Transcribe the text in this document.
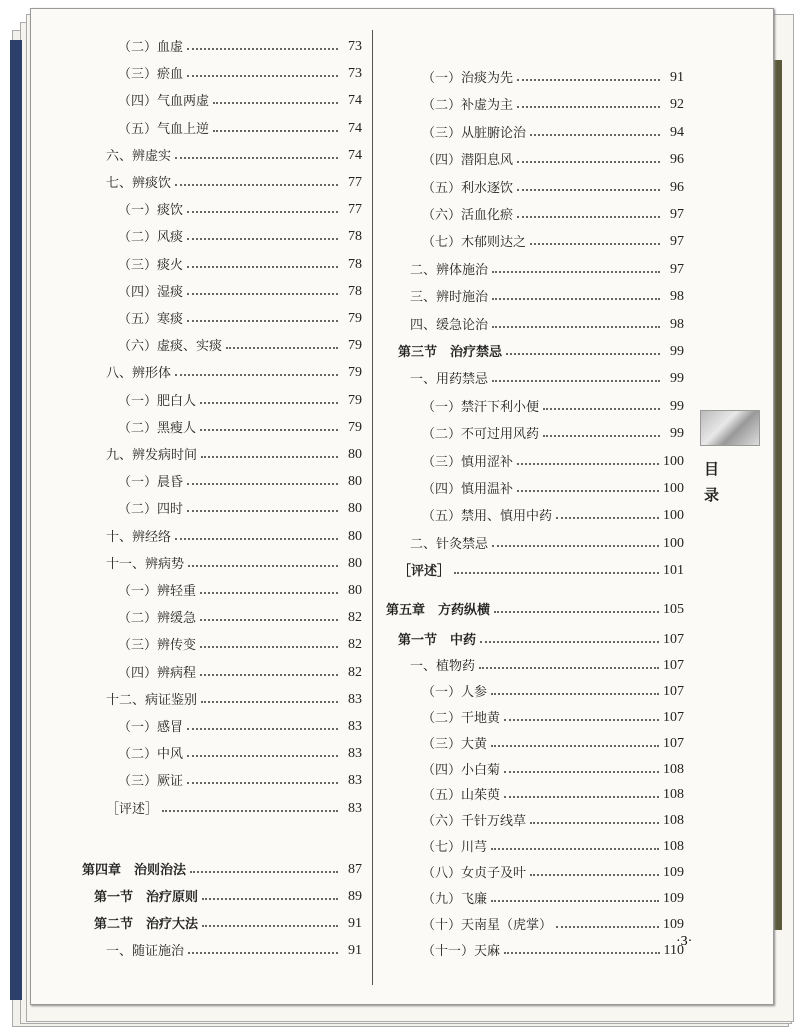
（二）血虚	73
（三）瘀血	73
（四）气血两虚	74
（五）气血上逆	74
六、辨虚实	74
七、辨痰饮	77
（一）痰饮	77
（二）风痰	78
（三）痰火	78
（四）湿痰	78
（五）寒痰	79
（六）虚痰、实痰	79
八、辨形体	79
（一）肥白人	79
（二）黑瘦人	79
九、辨发病时间	80
（一）晨昏	80
（二）四时	80
十、辨经络	80
十一、辨病势	80
（一）辨轻重	80
（二）辨缓急	82
（三）辨传变	82
（四）辨病程	82
十二、病证鉴别	83
（一）感冒	83
（二）中风	83
（三）厥证	83
［评述］	83
第四章　治则治法	87
第一节　治疗原则	89
第二节　治疗大法	91
一、随证施治	91
（一）治痰为先	91
（二）补虚为主	92
（三）从脏腑论治	94
（四）潜阳息风	96
（五）利水逐饮	96
（六）活血化瘀	97
（七）木郁则达之	97
二、辨体施治	97
三、辨时施治	98
四、缓急论治	98
第三节　治疗禁忌	99
一、用药禁忌	99
（一）禁汗下利小便	99
（二）不可过用风药	99
（三）慎用涩补	100
（四）慎用温补	100
（五）禁用、慎用中药	100
二、针灸禁忌	100
［评述］	101
第五章　方药纵横	105
第一节　中药	107
一、植物药	107
（一）人参	107
（二）干地黄	107
（三）大黄	107
（四）小白菊	108
（五）山茱萸	108
（六）千针万线草	108
（七）川芎	108
（八）女贞子及叶	109
（九）飞廉	109
（十）天南星（虎掌）	109
（十一）天麻	110
目
录
·3·
